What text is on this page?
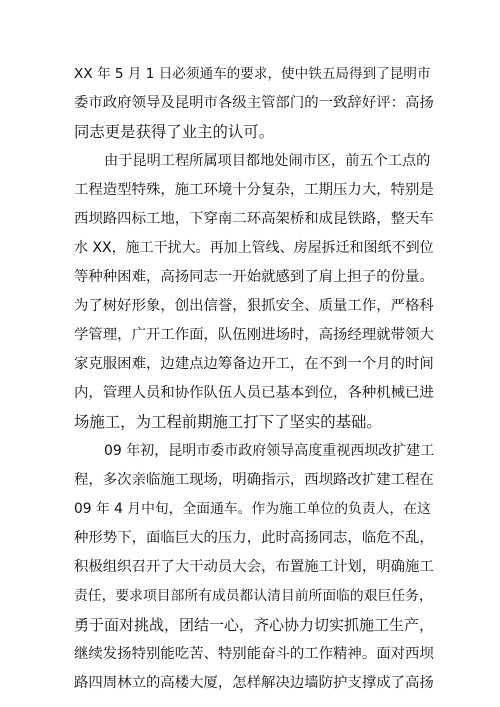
XX 年 5 月 1 日必须通车的要求，使中铁五局得到了昆明市
委市政府领导及昆明市各级主管部门的一致辞好评：高扬
同志更是获得了业主的认可。
由于昆明工程所属项目都地处闹市区，前五个工点的
工程造型特殊，施工环境十分复杂，工期压力大，特别是
西坝路四标工地，下穿南二环高架桥和成昆铁路，整天车
水 XX，施工干扰大。再加上管线、房屋拆迁和图纸不到位
等种种困难，高扬同志一开始就感到了肩上担子的份量。
为了树好形象，创出信誉，狠抓安全、质量工作，严格科
学管理，广开工作面，队伍刚进场时，高扬经理就带领大
家克服困难，边建点边筹备边开工，在不到一个月的时间
内，管理人员和协作队伍人员已基本到位，各种机械已进
场施工，为工程前期施工打下了坚实的基础。
09 年初，昆明市委市政府领导高度重视西坝改扩建工
程，多次亲临施工现场，明确指示，西坝路改扩建工程在
09 年 4 月中旬，全面通车。作为施工单位的负责人，在这
种形势下，面临巨大的压力，此时高扬同志，临危不乱，
积极组织召开了大干动员大会，布置施工计划，明确施工
责任，要求项目部所有成员都认清目前所面临的艰巨任务，
勇于面对挑战，团结一心，齐心协力切实抓施工生产，
继续发扬特别能吃苦、特别能奋斗的工作精神。面对西坝
路四周林立的高楼大厦，怎样解决边墙防护支撑成了高扬
